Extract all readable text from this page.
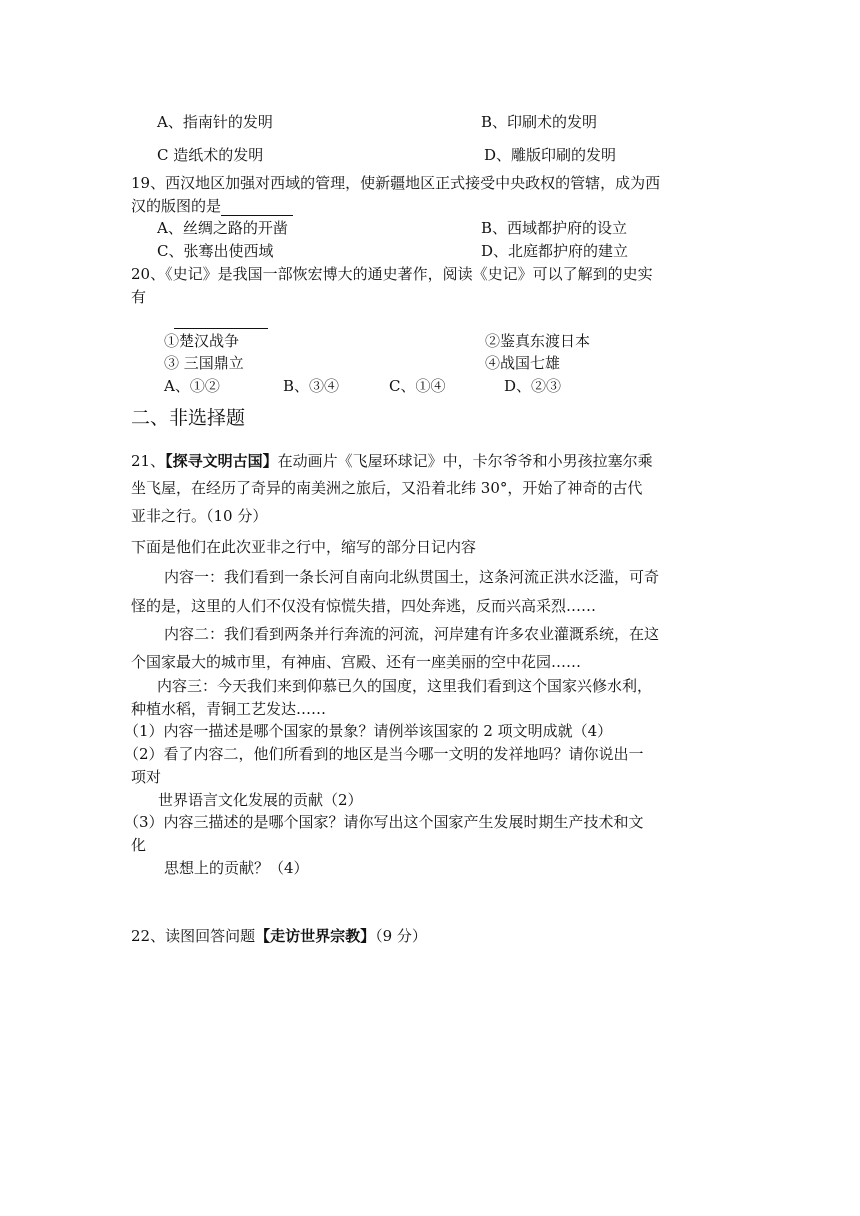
A、指南针的发明	B、印刷术的发明
C 造纸术的发明	D、雕版印刷的发明
19、西汉地区加强对西域的管理，使新疆地区正式接受中央政权的管辖，成为西
汉的版图的是
A、丝绸之路的开凿	B、西域都护府的设立
C、张骞出使西域	D、北庭都护府的建立
20、《史记》是我国一部恢宏博大的通史著作，阅读《史记》可以了解到的史实
有
①楚汉战争	②鉴真东渡日本
③ 三国鼎立	④战国七雄
A、①②	B、③④	C、①④	D、②③
二、非选择题
21、【探寻文明古国】在动画片《飞屋环球记》中，卡尔爷爷和小男孩拉塞尔乘
坐飞屋，在经历了奇异的南美洲之旅后，又沿着北纬 30°，开始了神奇的古代
亚非之行。（10 分）
下面是他们在此次亚非之行中，缩写的部分日记内容
内容一：我们看到一条长河自南向北纵贯国土，这条河流正洪水泛滥，可奇
怪的是，这里的人们不仅没有惊慌失措，四处奔逃，反而兴高采烈……
内容二：我们看到两条并行奔流的河流，河岸建有许多农业灌溉系统，在这
个国家最大的城市里，有神庙、宫殿、还有一座美丽的空中花园……
内容三：今天我们来到仰慕已久的国度，这里我们看到这个国家兴修水利，
种植水稻，青铜工艺发达……
（1）内容一描述是哪个国家的景象？请例举该国家的 2 项文明成就（4）
（2）看了内容二，他们所看到的地区是当今哪一文明的发祥地吗？请你说出一
项对
世界语言文化发展的贡献（2）
（3）内容三描述的是哪个国家？请你写出这个国家产生发展时期生产技术和文
化
思想上的贡献？（4）
22、读图回答问题【走访世界宗教】（9 分）
